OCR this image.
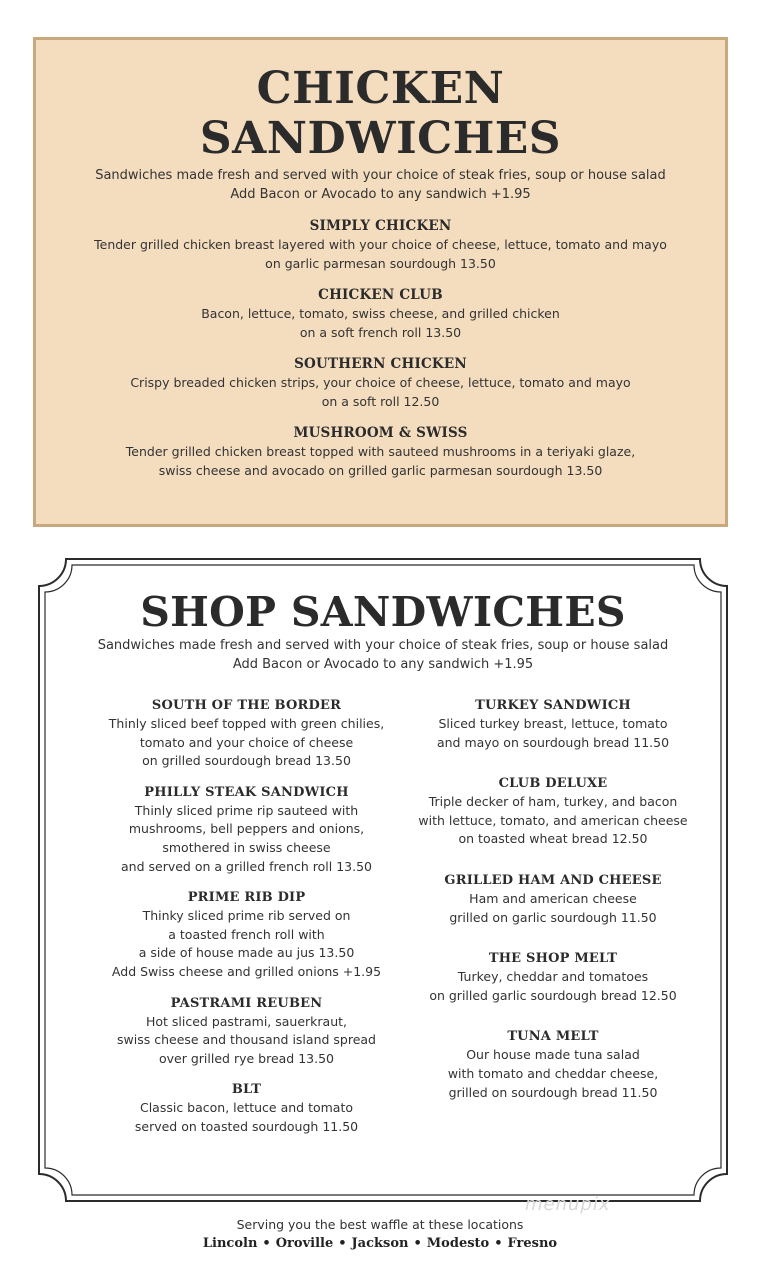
CHICKEN
SANDWICHES
Sandwiches made fresh and served with your choice of steak fries, soup or house salad
Add Bacon or Avocado to any sandwich +1.95
SIMPLY CHICKEN
Tender grilled chicken breast layered with your choice of cheese, lettuce, tomato and mayo
on garlic parmesan sourdough 13.50
CHICKEN CLUB
Bacon, lettuce, tomato, swiss cheese, and grilled chicken
on a soft french roll 13.50
SOUTHERN CHICKEN
Crispy breaded chicken strips, your choice of cheese, lettuce, tomato and mayo
on a soft roll 12.50
MUSHROOM & SWISS
Tender grilled chicken breast topped with sauteed mushrooms in a teriyaki glaze,
swiss cheese and avocado on grilled garlic parmesan sourdough 13.50
SHOP SANDWICHES
Sandwiches made fresh and served with your choice of steak fries, soup or house salad
Add Bacon or Avocado to any sandwich +1.95
SOUTH OF THE BORDER
Thinly sliced beef topped with green chilies,
tomato and your choice of cheese
on grilled sourdough bread 13.50
PHILLY STEAK SANDWICH
Thinly sliced prime rip sauteed with
mushrooms, bell peppers and onions,
smothered in swiss cheese
and served on a grilled french roll 13.50
PRIME RIB DIP
Thinky sliced prime rib served on
a toasted french roll with
a side of house made au jus 13.50
Add Swiss cheese and grilled onions +1.95
PASTRAMI REUBEN
Hot sliced pastrami, sauerkraut,
swiss cheese and thousand island spread
over grilled rye bread 13.50
BLT
Classic bacon, lettuce and tomato
served on toasted sourdough 11.50
TURKEY SANDWICH
Sliced turkey breast, lettuce, tomato
and mayo on sourdough bread 11.50
CLUB DELUXE
Triple decker of ham, turkey, and bacon
with lettuce, tomato, and american cheese
on toasted wheat bread 12.50
GRILLED HAM AND CHEESE
Ham and american cheese
grilled on garlic sourdough 11.50
THE SHOP MELT
Turkey, cheddar and tomatoes
on grilled garlic sourdough bread 12.50
TUNA MELT
Our house made tuna salad
with tomato and cheddar cheese,
grilled on sourdough bread 11.50
menupix
Serving you the best waffle at these locations
Lincoln • Oroville • Jackson • Modesto • Fresno
